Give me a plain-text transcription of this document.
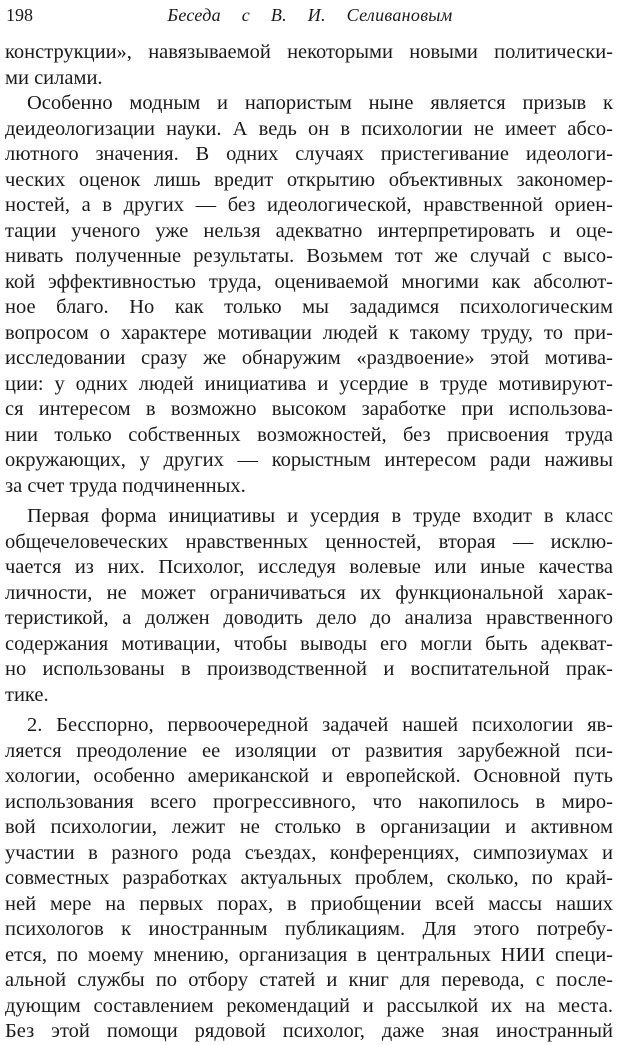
198	Беседа с В. И. Селивановым
конструкции», навязываемой некоторыми новыми политически-
ми силами.
Особенно модным и напористым ныне является призыв к
деидеологизации науки. А ведь он в психологии не имеет абсо-
лютного значения. В одних случаях пристегивание идеологи-
ческих оценок лишь вредит открытию объективных закономер-
ностей, а в других — без идеологической, нравственной ориен-
тации ученого уже нельзя адекватно интерпретировать и оце-
нивать полученные результаты. Возьмем тот же случай с высо-
кой эффективностью труда, оцениваемой многими как абсолют-
ное благо. Но как только мы зададимся психологическим
вопросом о характере мотивации людей к такому труду, то при-
исследовании сразу же обнаружим «раздвоение» этой мотива-
ции: у одних людей инициатива и усердие в труде мотивируют-
ся интересом в возможно высоком заработке при использова-
нии только собственных возможностей, без присвоения труда
окружающих, у других — корыстным интересом ради наживы
за счет труда подчиненных.
Первая форма инициативы и усердия в труде входит в класс
общечеловеческих нравственных ценностей, вторая — исклю-
чается из них. Психолог, исследуя волевые или иные качества
личности, не может ограничиваться их функциональной харак-
теристикой, а должен доводить дело до анализа нравственного
содержания мотивации, чтобы выводы его могли быть адекват-
но использованы в производственной и воспитательной прак-
тике.
2. Бесспорно, первоочередной задачей нашей психологии яв-
ляется преодоление ее изоляции от развития зарубежной пси-
хологии, особенно американской и европейской. Основной путь
использования всего прогрессивного, что накопилось в миро-
вой психологии, лежит не столько в организации и активном
участии в разного рода съездах, конференциях, симпозиумах и
совместных разработках актуальных проблем, сколько, по край-
ней мере на первых порах, в приобщении всей массы наших
психологов к иностранным публикациям. Для этого потребу-
ется, по моему мнению, организация в центральных НИИ специ-
альной службы по отбору статей и книг для перевода, с после-
дующим составлением рекомендаций и рассылкой их на места.
Без этой помощи рядовой психолог, даже зная иностранный
